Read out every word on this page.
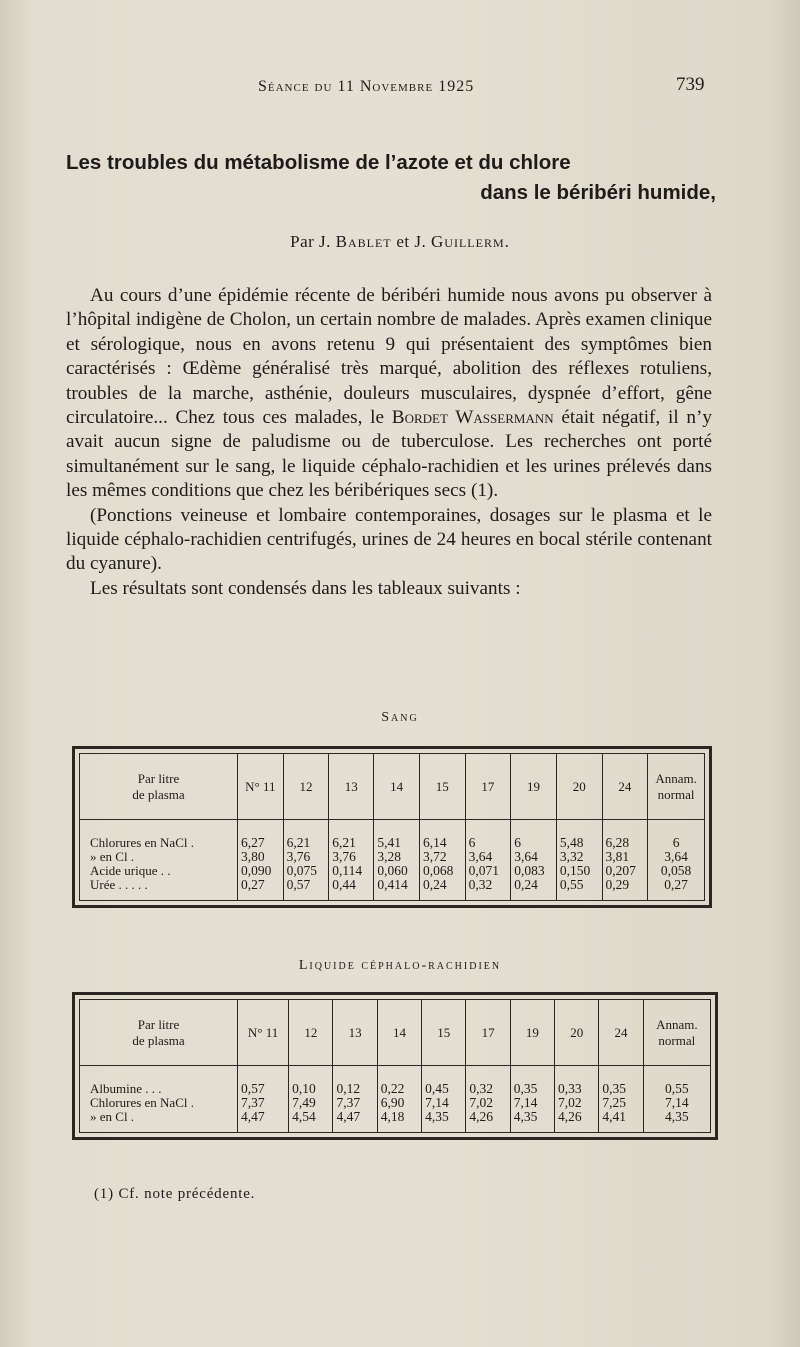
Séance du 11 Novembre 1925	739
Les troubles du métabolisme de l’azote et du chlore
dans le béribéri humide,
Par J. Bablet et J. Guillerm.

Au cours d’une épidémie récente de béribéri humide nous avons pu observer à l’hôpital indigène de Cholon, un certain nombre de malades. Après examen clinique et sérologique, nous en avons retenu 9 qui présentaient des symptômes bien caractérisés : Œdème généralisé très marqué, abolition des réflexes rotuliens, troubles de la marche, asthénie, douleurs musculaires, dyspnée d’effort, gêne circulatoire... Chez tous ces malades, le Bordet Wassermann était négatif, il n’y avait aucun signe de paludisme ou de tuberculose. Les recherches ont porté simultanément sur le sang, le liquide céphalo-rachidien et les urines prélevés dans les mêmes conditions que chez les béribériques secs (1).

(Ponctions veineuse et lombaire contemporaines, dosages sur le plasma et le liquide céphalo-rachidien centrifugés, urines de 24 heures en bocal stérile contenant du cyanure).

Les résultats sont condensés dans les tableaux suivants :

Sang
Par litre
de plasma	N° 11	12	13	14	15	17	19	20	24	Annam.
normal

Chlorures en NaCl .	6,27	6,21	6,21	5,41	6,14	6	6	5,48	6,28	6
» en Cl .	3,80	3,76	3,76	3,28	3,72	3,64	3,64	3,32	3,81	3,64
Acide urique . .	0,090	0,075	0,114	0,060	0,068	0,071	0,083	0,150	0,207	0,058
Urée . . . . .	0,27	0,57	0,44	0,414	0,24	0,32	0,24	0,55	0,29	0,27

Liquide céphalo-rachidien
Par litre
de plasma	N° 11	12	13	14	15	17	19	20	24	Annam.
normal

Albumine . . .	0,57	0,10	0,12	0,22	0,45	0,32	0,35	0,33	0,35	0,55
Chlorures en NaCl .	7,37	7,49	7,37	6,90	7,14	7,02	7,14	7,02	7,25	7,14
» en Cl .	4,47	4,54	4,47	4,18	4,35	4,26	4,35	4,26	4,41	4,35

(1) Cf. note précédente.
